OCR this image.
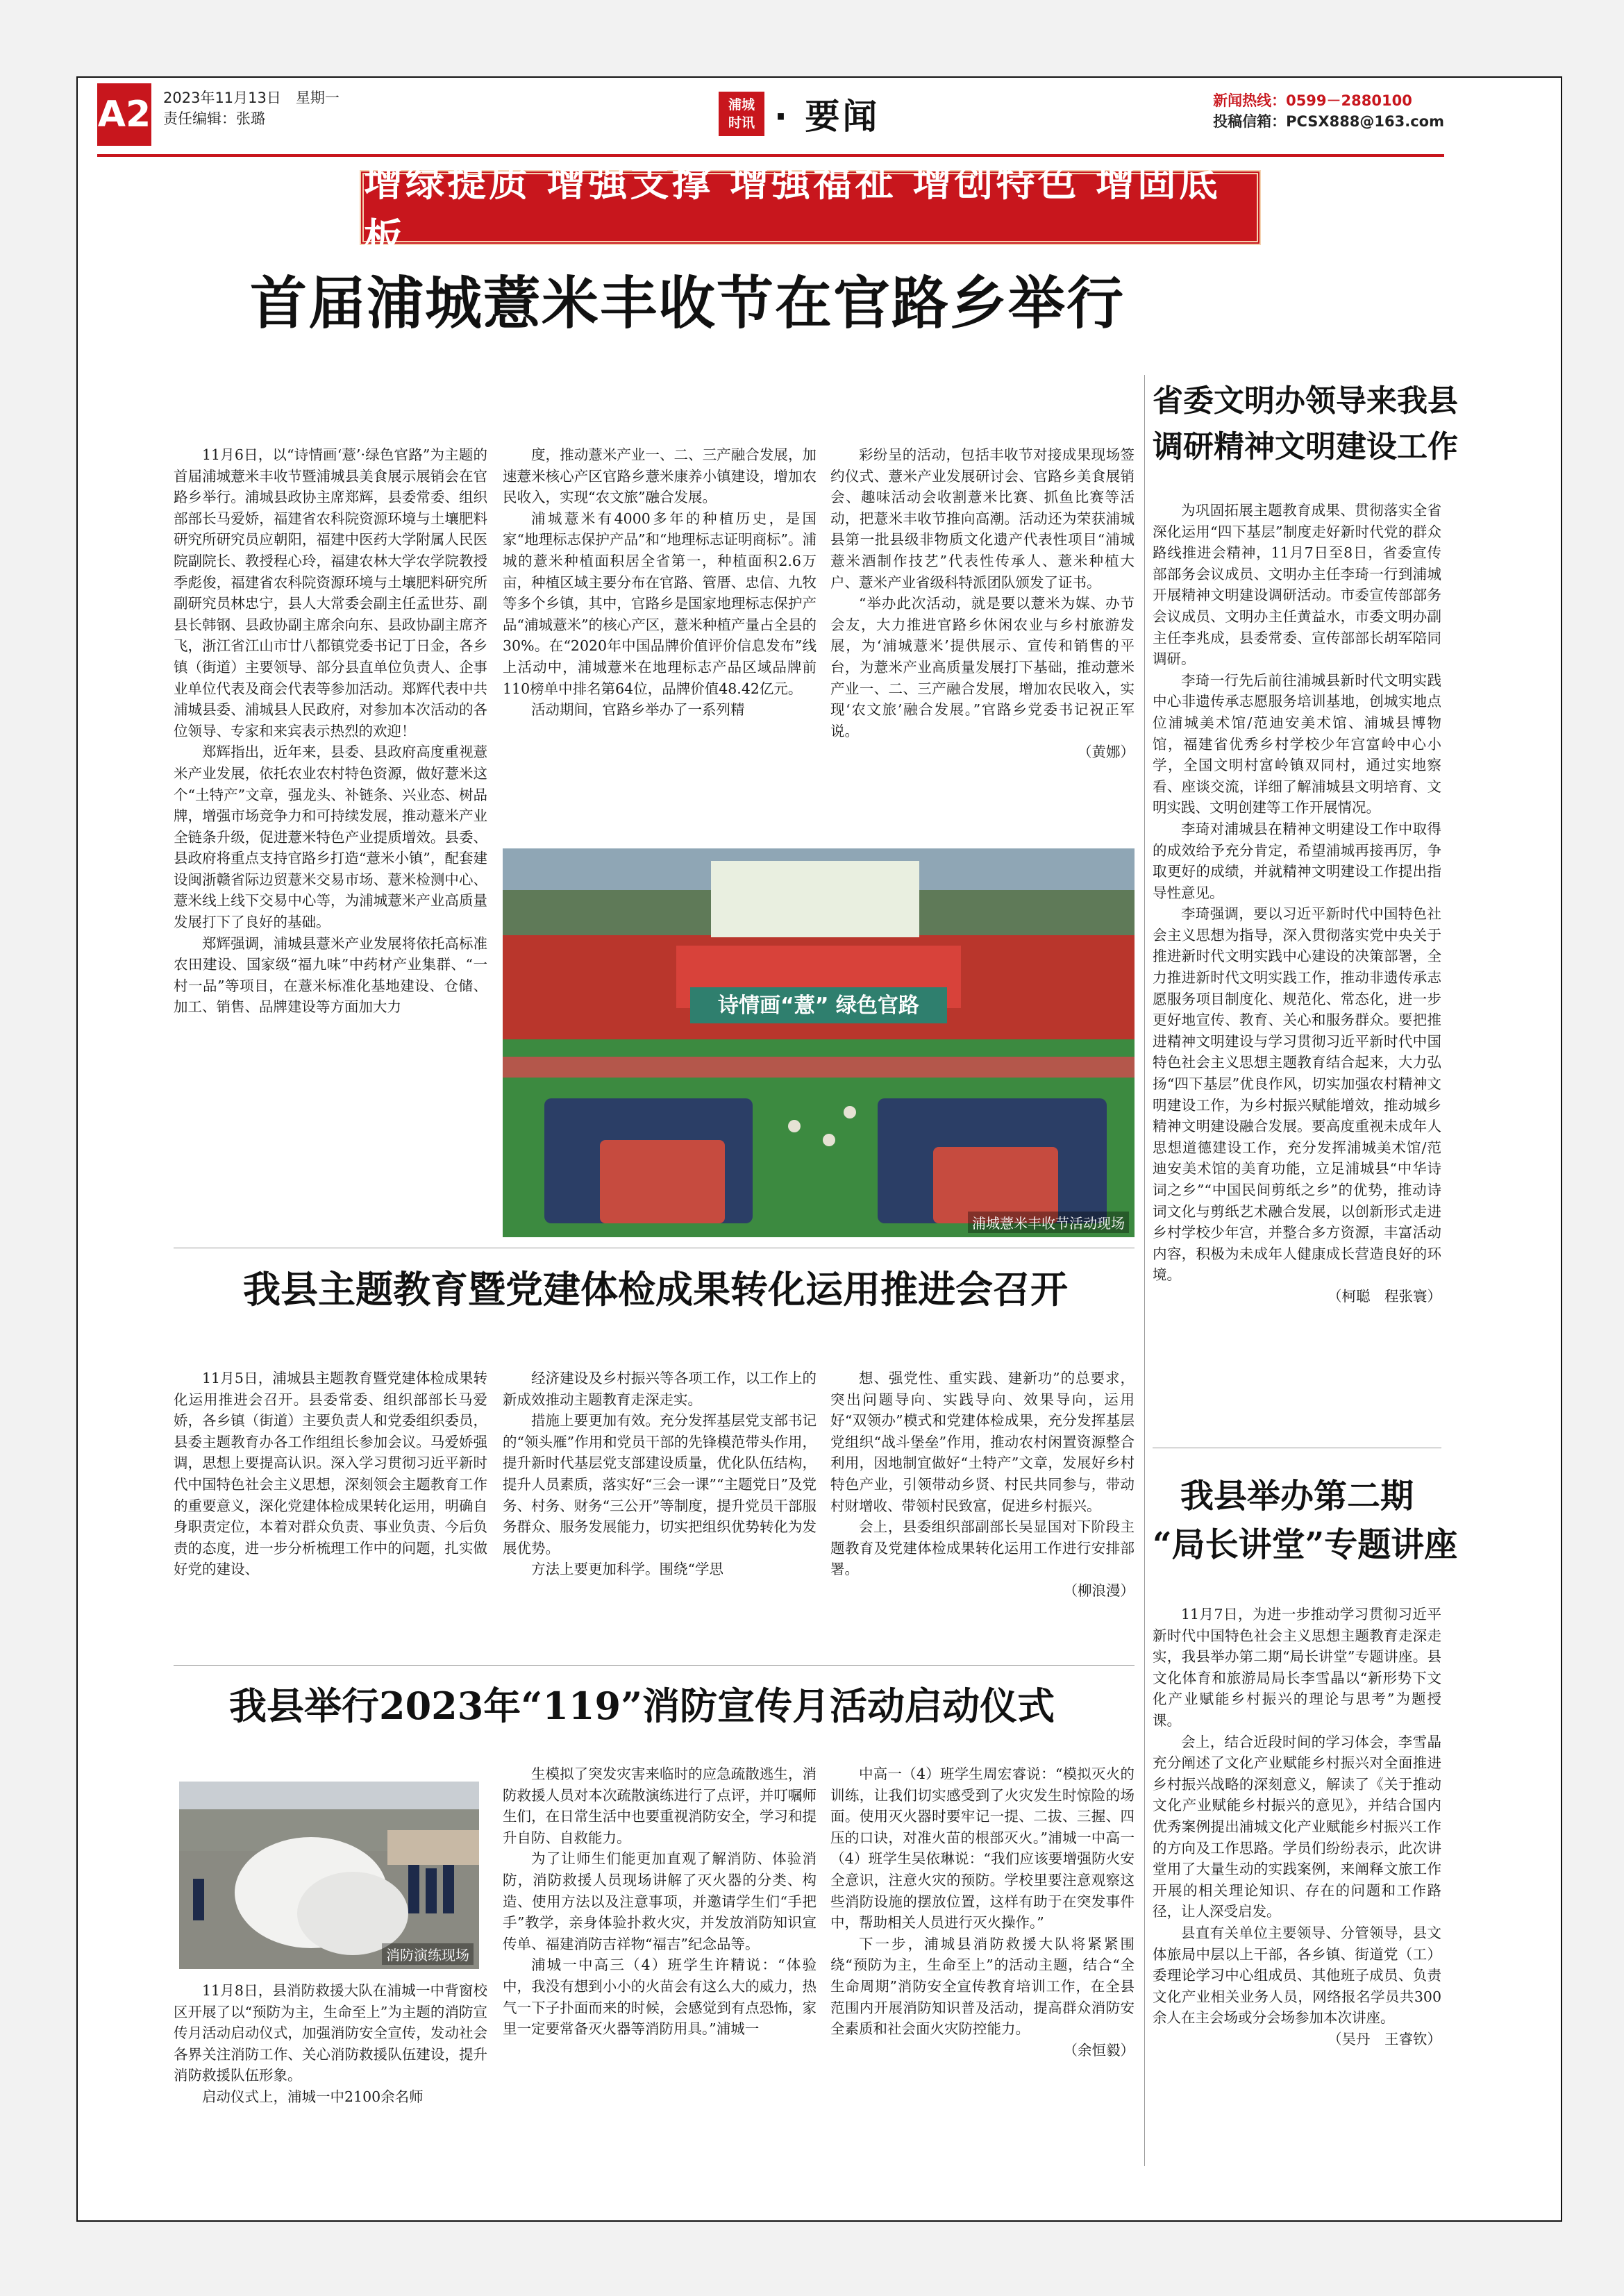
A2 2023年11月13日　星期一
责任编辑：张璐
浦城
时讯 · 要闻	新闻热线：0599－2880100
投稿信箱：PCSX888@163.com
增绿提质 增强支撑 增强福祉 增创特色 增固底板
首届浦城薏米丰收节在官路乡举行

11月6日，以“诗情画‘薏’·绿色官路”为主题的首届浦城薏米丰收节暨浦城县美食展示展销会在官路乡举行。浦城县政协主席郑辉，县委常委、组织部部长马爱娇，福建省农科院资源环境与土壤肥料研究所研究员应朝阳，福建中医药大学附属人民医院副院长、教授程心玲，福建农林大学农学院教授季彪俊，福建省农科院资源环境与土壤肥料研究所副研究员林忠宁，县人大常委会副主任孟世芬、副县长韩钢、县政协副主席余向东、县政协副主席齐飞，浙江省江山市廿八都镇党委书记丁日金，各乡镇（街道）主要领导、部分县直单位负责人、企事业单位代表及商会代表等参加活动。郑辉代表中共浦城县委、浦城县人民政府，对参加本次活动的各位领导、专家和来宾表示热烈的欢迎！

郑辉指出，近年来，县委、县政府高度重视薏米产业发展，依托农业农村特色资源，做好薏米这个“土特产”文章，强龙头、补链条、兴业态、树品牌，增强市场竞争力和可持续发展，推动薏米产业全链条升级，促进薏米特色产业提质增效。县委、县政府将重点支持官路乡打造“薏米小镇”，配套建设闽浙赣省际边贸薏米交易市场、薏米检测中心、薏米线上线下交易中心等，为浦城薏米产业高质量发展打下了良好的基础。

郑辉强调，浦城县薏米产业发展将依托高标准农田建设、国家级“福九味”中药材产业集群、“一村一品”等项目，在薏米标准化基地建设、仓储、加工、销售、品牌建设等方面加大力

度，推动薏米产业一、二、三产融合发展，加速薏米核心产区官路乡薏米康养小镇建设，增加农民收入，实现“农文旅”融合发展。

浦城薏米有4000多年的种植历史，是国家“地理标志保护产品”和“地理标志证明商标”。浦城的薏米种植面积居全省第一，种植面积2.6万亩，种植区域主要分布在官路、管厝、忠信、九牧等多个乡镇，其中，官路乡是国家地理标志保护产品“浦城薏米”的核心产区，薏米种植产量占全县的30%。在“2020年中国品牌价值评价信息发布”线上活动中，浦城薏米在地理标志产品区域品牌前110榜单中排名第64位，品牌价值48.42亿元。

活动期间，官路乡举办了一系列精

彩纷呈的活动，包括丰收节对接成果现场签约仪式、薏米产业发展研讨会、官路乡美食展销会、趣味活动会收割薏米比赛、抓鱼比赛等活动，把薏米丰收节推向高潮。活动还为荣获浦城县第一批县级非物质文化遗产代表性项目“浦城薏米酒制作技艺”代表性传承人、薏米种植大户、薏米产业省级科特派团队颁发了证书。

“举办此次活动，就是要以薏米为媒、办节会友，大力推进官路乡休闲农业与乡村旅游发展，为‘浦城薏米’提供展示、宣传和销售的平台，为薏米产业高质量发展打下基础，推动薏米产业一、二、三产融合发展，增加农民收入，实现‘农文旅’融合发展。”官路乡党委书记祝正军说。

（黄娜）
诗情画“薏” 绿色官路
浦城薏米丰收节活动现场
省委文明办领导来我县
调研精神文明建设工作

为巩固拓展主题教育成果、贯彻落实全省深化运用“四下基层”制度走好新时代党的群众路线推进会精神，11月7日至8日，省委宣传部部务会议成员、文明办主任李琦一行到浦城开展精神文明建设调研活动。市委宣传部部务会议成员、文明办主任黄益水，市委文明办副主任李兆成，县委常委、宣传部部长胡军陪同调研。

李琦一行先后前往浦城县新时代文明实践中心非遗传承志愿服务培训基地，创城实地点位浦城美术馆/范迪安美术馆、浦城县博物馆，福建省优秀乡村学校少年宫富岭中心小学，全国文明村富岭镇双同村，通过实地察看、座谈交流，详细了解浦城县文明培育、文明实践、文明创建等工作开展情况。

李琦对浦城县在精神文明建设工作中取得的成效给予充分肯定，希望浦城再接再厉，争取更好的成绩，并就精神文明建设工作提出指导性意见。

李琦强调，要以习近平新时代中国特色社会主义思想为指导，深入贯彻落实党中央关于推进新时代文明实践中心建设的决策部署，全力推进新时代文明实践工作，推动非遗传承志愿服务项目制度化、规范化、常态化，进一步更好地宣传、教育、关心和服务群众。要把推进精神文明建设与学习贯彻习近平新时代中国特色社会主义思想主题教育结合起来，大力弘扬“四下基层”优良作风，切实加强农村精神文明建设工作，为乡村振兴赋能增效，推动城乡精神文明建设融合发展。要高度重视未成年人思想道德建设工作，充分发挥浦城美术馆/范迪安美术馆的美育功能，立足浦城县“中华诗词之乡”“中国民间剪纸之乡”的优势，推动诗词文化与剪纸艺术融合发展，以创新形式走进乡村学校少年宫，并整合多方资源，丰富活动内容，积极为未成年人健康成长营造良好的环境。

（柯聪　程张寰）
我县主题教育暨党建体检成果转化运用推进会召开

11月5日，浦城县主题教育暨党建体检成果转化运用推进会召开。县委常委、组织部部长马爱娇，各乡镇（街道）主要负责人和党委组织委员，县委主题教育办各工作组组长参加会议。马爱娇强调，思想上要提高认识。深入学习贯彻习近平新时代中国特色社会主义思想，深刻领会主题教育工作的重要意义，深化党建体检成果转化运用，明确自身职责定位，本着对群众负责、事业负责、今后负责的态度，进一步分析梳理工作中的问题，扎实做好党的建设、

经济建设及乡村振兴等各项工作，以工作上的新成效推动主题教育走深走实。

措施上要更加有效。充分发挥基层党支部书记的“领头雁”作用和党员干部的先锋模范带头作用，提升新时代基层党支部建设质量，优化队伍结构，提升人员素质，落实好“三会一课”“主题党日”及党务、村务、财务“三公开”等制度，提升党员干部服务群众、服务发展能力，切实把组织优势转化为发展优势。

方法上要更加科学。围绕“学思

想、强党性、重实践、建新功”的总要求，突出问题导向、实践导向、效果导向，运用好“双领办”模式和党建体检成果，充分发挥基层党组织“战斗堡垒”作用，推动农村闲置资源整合利用，因地制宜做好“土特产”文章，发展好乡村特色产业，引领带动乡贤、村民共同参与，带动村财增收、带领村民致富，促进乡村振兴。

会上，县委组织部副部长吴显国对下阶段主题教育及党建体检成果转化运用工作进行安排部署。

（柳浪漫）
我县举办第二期
“局长讲堂”专题讲座

11月7日，为进一步推动学习贯彻习近平新时代中国特色社会主义思想主题教育走深走实，我县举办第二期“局长讲堂”专题讲座。县文化体育和旅游局局长李雪晶以“新形势下文化产业赋能乡村振兴的理论与思考”为题授课。

会上，结合近段时间的学习体会，李雪晶充分阐述了文化产业赋能乡村振兴对全面推进乡村振兴战略的深刻意义，解读了《关于推动文化产业赋能乡村振兴的意见》，并结合国内优秀案例提出浦城文化产业赋能乡村振兴工作的方向及工作思路。学员们纷纷表示，此次讲堂用了大量生动的实践案例，来阐释文旅工作开展的相关理论知识、存在的问题和工作路径，让人深受启发。

县直有关单位主要领导、分管领导，县文体旅局中层以上干部，各乡镇、街道党（工）委理论学习中心组成员、其他班子成员、负责文化产业相关业务人员，网络报名学员共300余人在主会场或分会场参加本次讲座。

（吴丹　王睿钦）
我县举行2023年“119”消防宣传月活动启动仪式
消防演练现场

11月8日，县消防救援大队在浦城一中背窗校区开展了以“预防为主，生命至上”为主题的消防宣传月活动启动仪式，加强消防安全宣传，发动社会各界关注消防工作、关心消防救援队伍建设，提升消防救援队伍形象。

启动仪式上，浦城一中2100余名师

生模拟了突发灾害来临时的应急疏散逃生，消防救援人员对本次疏散演练进行了点评，并叮嘱师生们，在日常生活中也要重视消防安全，学习和提升自防、自救能力。

为了让师生们能更加直观了解消防、体验消防，消防救援人员现场讲解了灭火器的分类、构造、使用方法以及注意事项，并邀请学生们“手把手”教学，亲身体验扑救火灾，并发放消防知识宣传单、福建消防吉祥物“福吉”纪念品等。

浦城一中高三（4）班学生许精说：“体验中，我没有想到小小的火苗会有这么大的威力，热气一下子扑面而来的时候，会感觉到有点恐怖，家里一定要常备灭火器等消防用具。”浦城一

中高一（4）班学生周宏睿说：“模拟灭火的训练，让我们切实感受到了火灾发生时惊险的场面。使用灭火器时要牢记一提、二拔、三握、四压的口诀，对准火苗的根部灭火。”浦城一中高一（4）班学生吴依琳说：“我们应该要增强防火安全意识，注意火灾的预防。学校里要注意观察这些消防设施的摆放位置，这样有助于在突发事件中，帮助相关人员进行灭火操作。”

下一步，浦城县消防救援大队将紧紧围绕“预防为主，生命至上”的活动主题，结合“全生命周期”消防安全宣传教育培训工作，在全县范围内开展消防知识普及活动，提高群众消防安全素质和社会面火灾防控能力。

（余恒毅）
